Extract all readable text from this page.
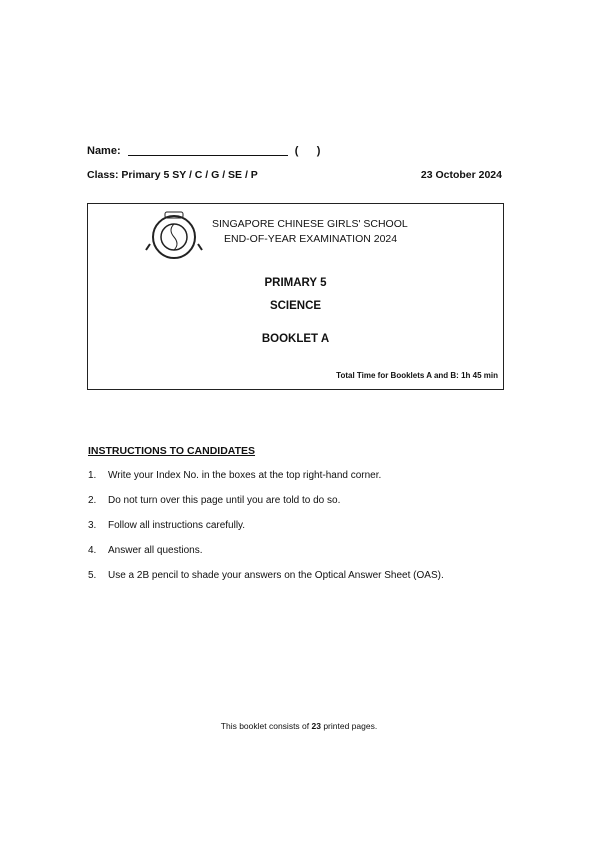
Name:	(      )
Class: Primary 5 SY / C / G / SE / P	23 October 2024
SINGAPORE CHINESE GIRLS' SCHOOL
END-OF-YEAR EXAMINATION 2024
PRIMARY 5
SCIENCE
BOOKLET A
Total Time for Booklets A and B: 1h 45 min
INSTRUCTIONS TO CANDIDATES
1. Write your Index No. in the boxes at the top right-hand corner.
2. Do not turn over this page until you are told to do so.
3. Follow all instructions carefully.
4. Answer all questions.
5. Use a 2B pencil to shade your answers on the Optical Answer Sheet (OAS).
This booklet consists of 23 printed pages.
